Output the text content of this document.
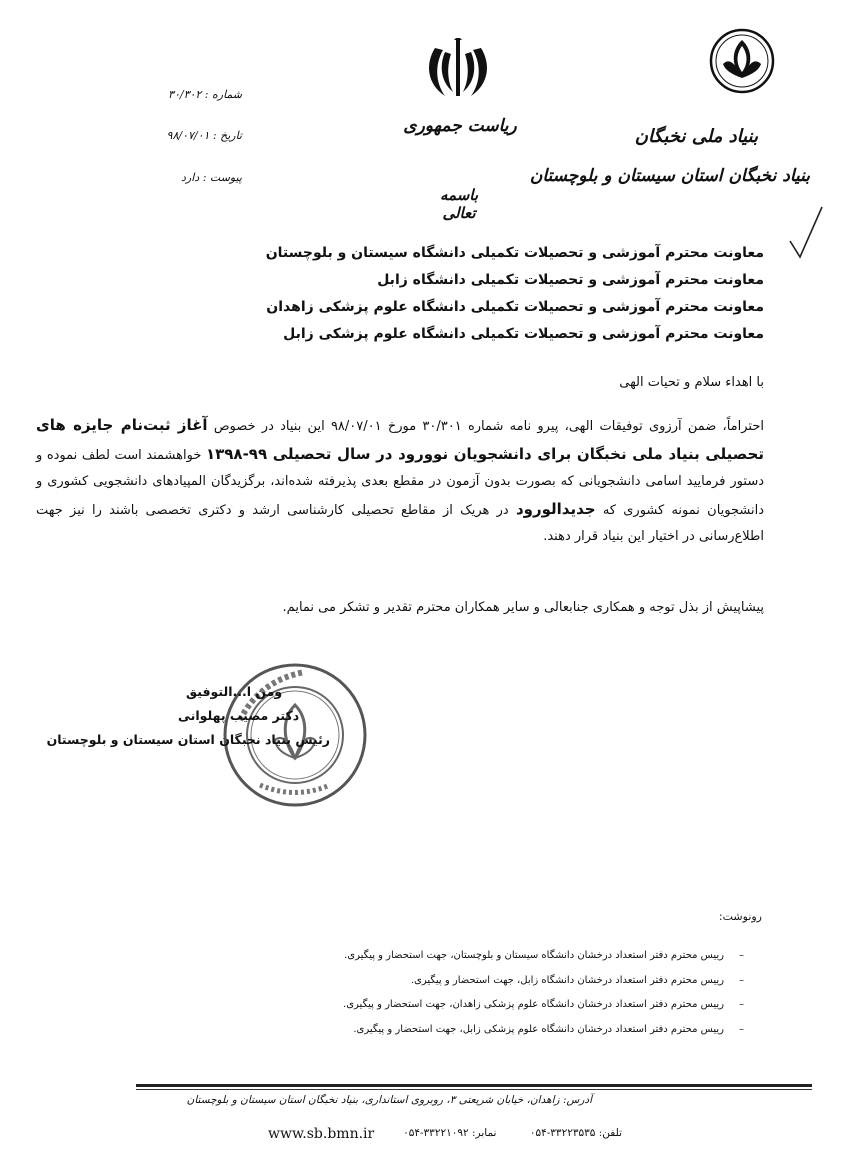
بنیاد ملی نخبگان
بنیاد نخبگان استان سیستان و بلوچستان
ریاست جمهوری
باسمه تعالی
شماره : ۳۰/۳۰۲
تاریخ : ۹۸/۰۷/۰۱
پیوست : دارد
معاونت محترم آموزشی و تحصیلات تکمیلی دانشگاه سیستان و بلوچستان
معاونت محترم آموزشی و تحصیلات تکمیلی دانشگاه زابل
معاونت محترم آموزشی و تحصیلات تکمیلی دانشگاه علوم پزشکی زاهدان
معاونت محترم آموزشی و تحصیلات تکمیلی دانشگاه علوم پزشکی زابل
با اهداء سلام و تحیات الهی
احتراماً، ضمن آرزوی توفیقات الهی، پیرو نامه شماره ۳۰/۳۰۱ مورخ ۹۸/۰۷/۰۱ این بنیاد در خصوص آغاز ثبت‌نام جایزه های تحصیلی بنیاد ملی نخبگان برای دانشجویان نوورود در سال تحصیلی ۹۹-۱۳۹۸ خواهشمند است لطف نموده و دستور فرمایید اسامی دانشجویانی که بصورت بدون آزمون در مقطع بعدی پذیرفته شده‌اند، برگزیدگان المپیادهای دانشجویی کشوری و دانشجویان نمونه کشوری که جدیدالورود در هریک از مقاطع تحصیلی کارشناسی ارشد و دکتری تخصصی باشند را نیز جهت اطلاع‌رسانی در اختیار این بنیاد قرار دهند.
پیشاپیش از بذل توجه و همکاری جنابعالی و سایر همکاران محترم تقدیر و تشکر می نمایم.
ومن ا...التوفیق
دکتر مصیب پهلوانی
رئیس بنیاد نخبگان استان سیستان و بلوچستان
رونوشت:
–رییس محترم دفتر استعداد درخشان دانشگاه سیستان و بلوچستان، جهت استحضار و پیگیری.
–رییس محترم دفتر استعداد درخشان دانشگاه زابل، جهت استحضار و پیگیری.
–رییس محترم دفتر استعداد درخشان دانشگاه علوم پزشکی زاهدان، جهت استحضار و پیگیری.
–رییس محترم دفتر استعداد درخشان دانشگاه علوم پزشکی زابل، جهت استحضار و پیگیری.
آدرس: زاهدان، خیابان شریعتی ۳، روبروی استانداری، بنیاد نخبگان استان سیستان و بلوچستان
تلفن: ۳۳۲۲۳۵۳۵-۰۵۴ نمابر: ۳۳۲۲۱۰۹۲-۰۵۴
www.sb.bmn.ir
